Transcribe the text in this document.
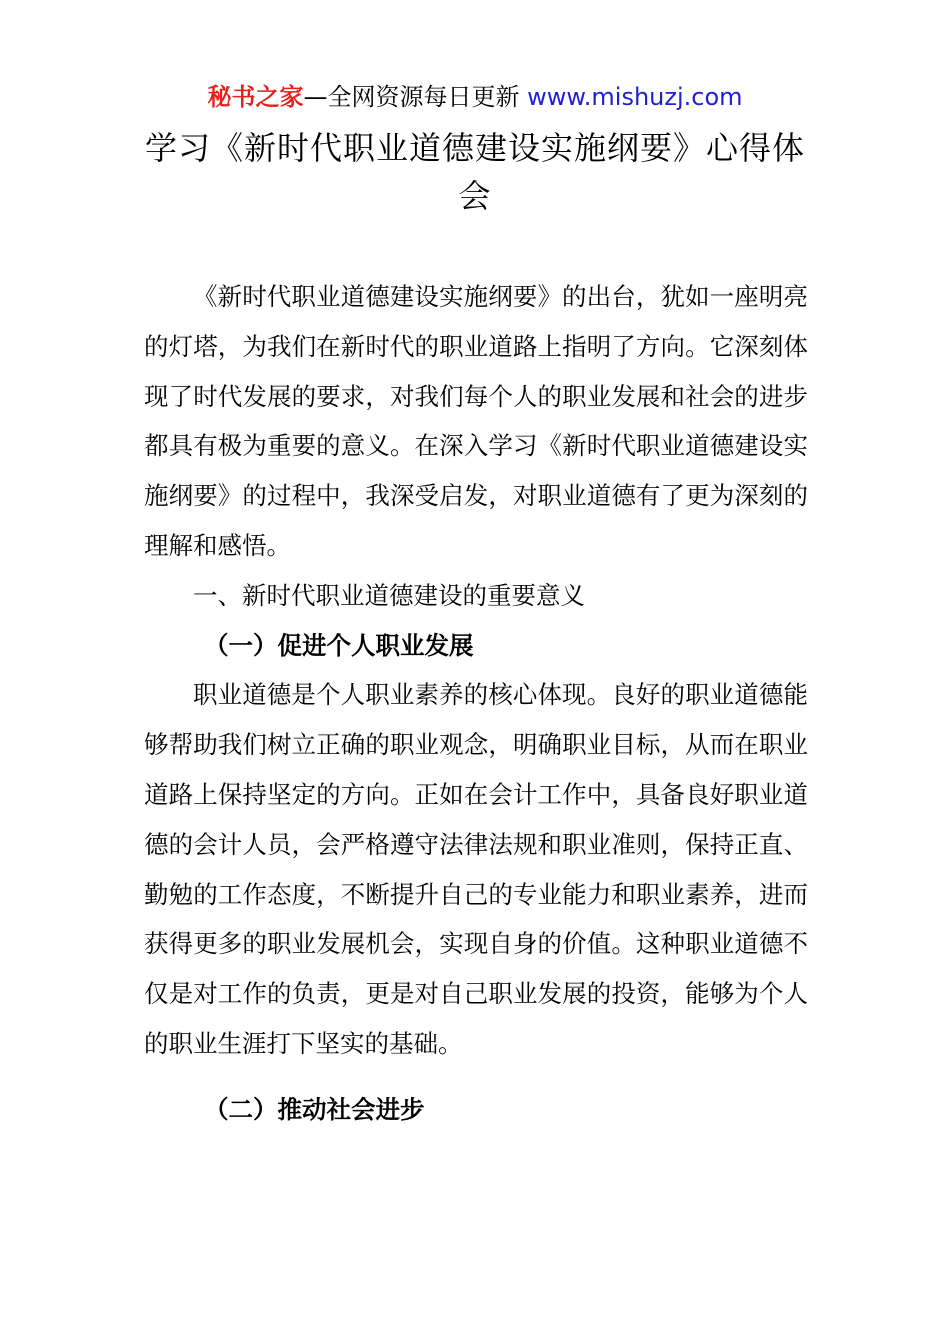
秘书之家—全网资源每日更新 www.mishuzj.com
学习《新时代职业道德建设实施纲要》心得体会

《新时代职业道德建设实施纲要》的出台，犹如一座明亮的灯塔，为我们在新时代的职业道路上指明了方向。它深刻体现了时代发展的要求，对我们每个人的职业发展和社会的进步都具有极为重要的意义。在深入学习《新时代职业道德建设实施纲要》的过程中，我深受启发，对职业道德有了更为深刻的理解和感悟。

一、新时代职业道德建设的重要意义

（一）促进个人职业发展

职业道德是个人职业素养的核心体现。良好的职业道德能够帮助我们树立正确的职业观念，明确职业目标，从而在职业道路上保持坚定的方向。正如在会计工作中，具备良好职业道德的会计人员，会严格遵守法律法规和职业准则，保持正直、勤勉的工作态度，不断提升自己的专业能力和职业素养，进而获得更多的职业发展机会，实现自身的价值。这种职业道德不仅是对工作的负责，更是对自己职业发展的投资，能够为个人的职业生涯打下坚实的基础。

（二）推动社会进步
